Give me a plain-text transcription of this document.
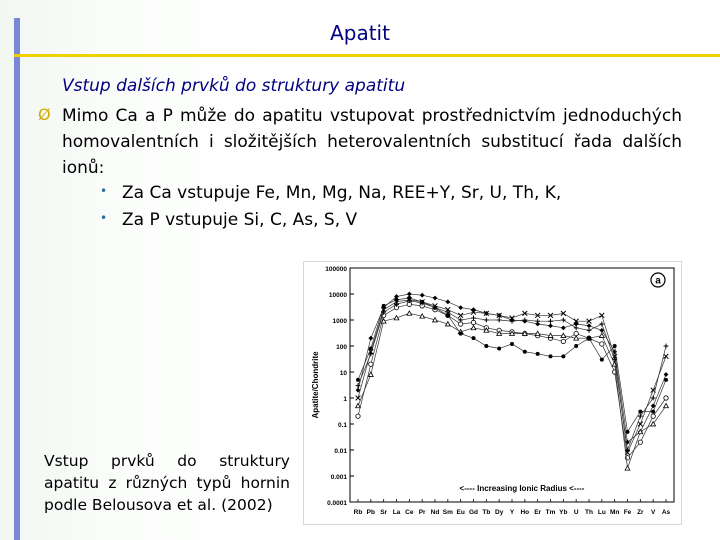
Apatit
Vstup dalších prvků do struktury apatitu
Ø Mimo Ca a P může do apatitu vstupovat prostřednictvím jednoduchých homovalentních i složitějších heterovalentních substitucí řada dalších ionů:
• Za Ca vstupuje Fe, Mn, Mg, Na, REE+Y, Sr, U, Th, K,
• Za P vstupuje Si, C, As, S, V
Vstup prvků do struktury apatitu z různých typů hornin podle Belousova et al. (2002)
100000
10000
1000
100
10
1
0.1
0.01
0.001
0.0001
Apatite/Chondrite
Rb Pb Sr La Ce Pr Nd Sm Eu Gd Tb Dy Y Ho Er Tm Yb U Th Lu Mn Fe Zr V As
<---- Increasing Ionic Radius <----
a
